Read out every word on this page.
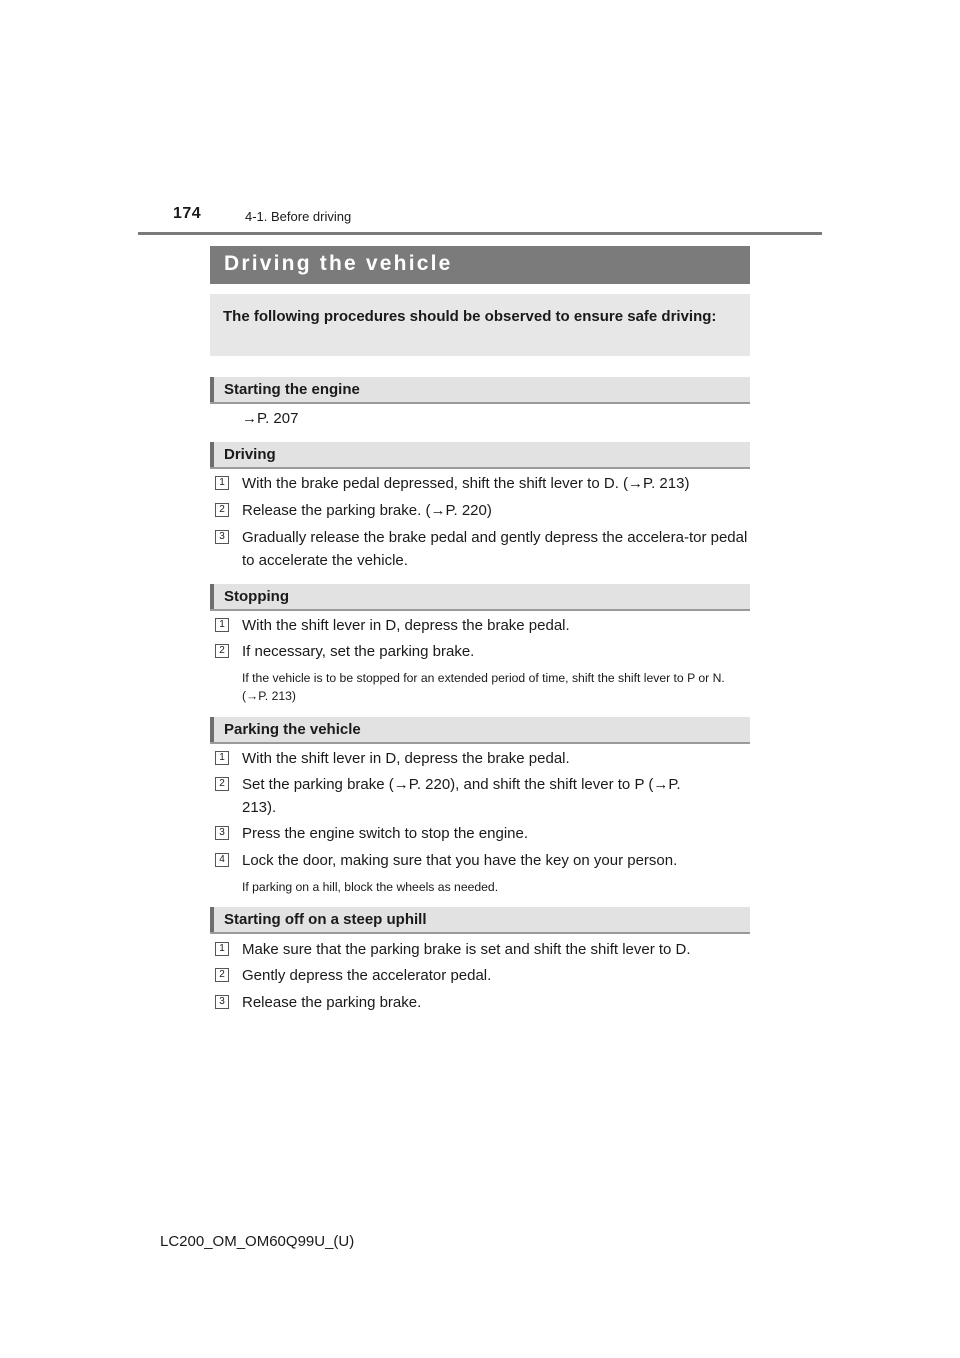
174	4-1. Before driving
Driving the vehicle

The following procedures should be observed to ensure safe driving:

Starting the engine
→P. 207
Driving
1 With the brake pedal depressed, shift the shift lever to D. (→P. 213)
2 Release the parking brake. (→P. 220)
3 Gradually release the brake pedal and gently depress the accelera-tor pedal to accelerate the vehicle.
Stopping
1 With the shift lever in D, depress the brake pedal.
2 If necessary, set the parking brake.
If the vehicle is to be stopped for an extended period of time, shift the shift lever to P or N. (→P. 213)
Parking the vehicle
1 With the shift lever in D, depress the brake pedal.
2 Set the parking brake (→P. 220), and shift the shift lever to P (→P. 213).
3 Press the engine switch to stop the engine.
4 Lock the door, making sure that you have the key on your person.
If parking on a hill, block the wheels as needed.
Starting off on a steep uphill
1 Make sure that the parking brake is set and shift the shift lever to D.
2 Gently depress the accelerator pedal.
3 Release the parking brake.
LC200_OM_OM60Q99U_(U)
